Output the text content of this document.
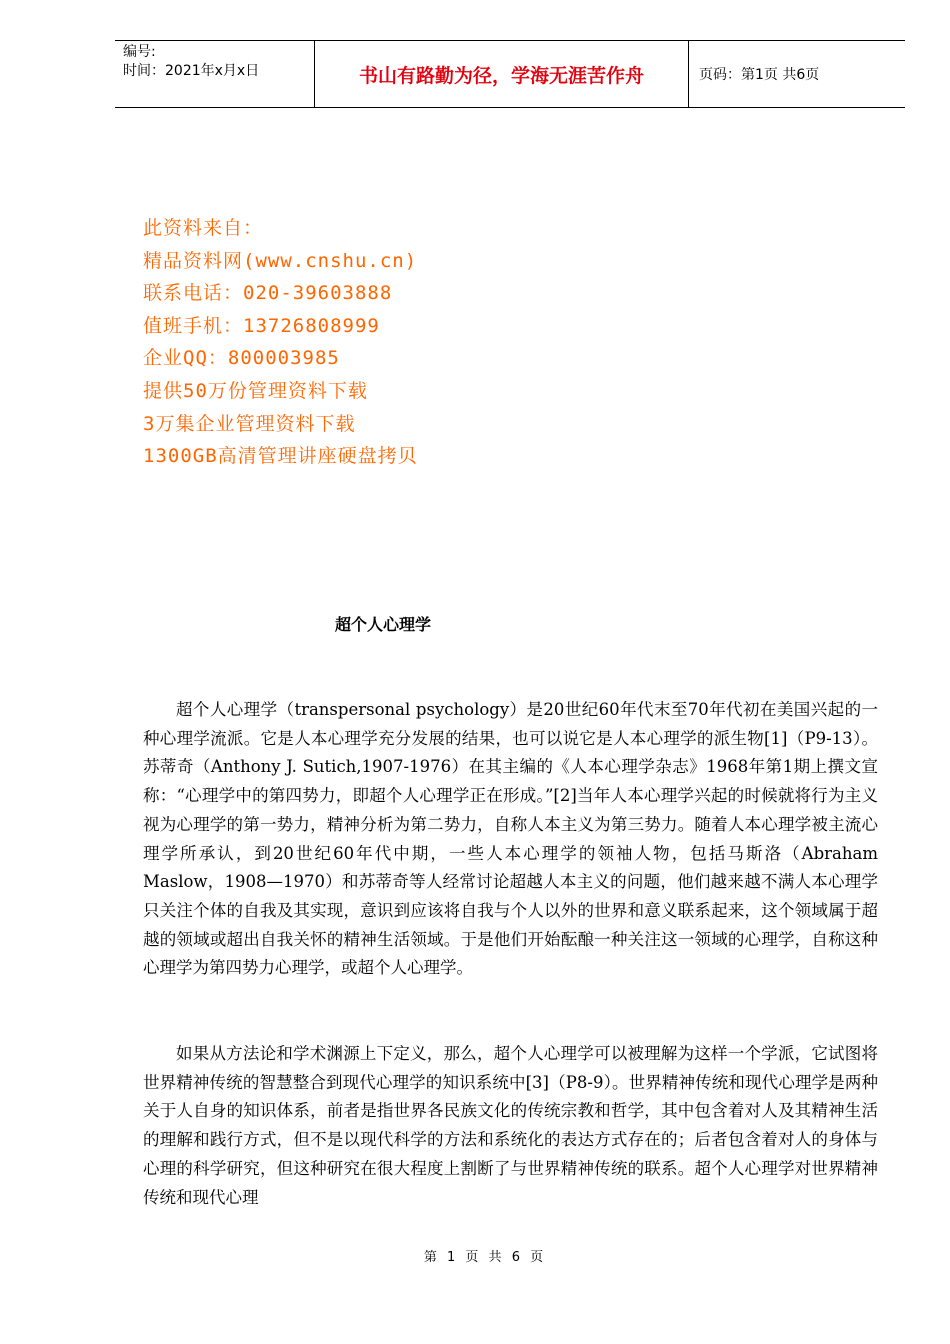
编号:
时间：2021年x月x日	书山有路勤为径，学海无涯苦作舟	页码：第1页 共6页
此资料来自：
精品资料网(www.cnshu.cn)
联系电话：020-39603888
值班手机：13726808999
企业QQ：800003985
提供50万份管理资料下载
3万集企业管理资料下载
1300GB高清管理讲座硬盘拷贝
超个人心理学

超个人心理学（transpersonal psychology）是20世纪60年代末至70年代初在美国兴起的一种心理学流派。它是人本心理学充分发展的结果，也可以说它是人本心理学的派生物[1]（P9-13）。苏蒂奇（Anthony J. Sutich,1907-1976）在其主编的《人本心理学杂志》1968年第1期上撰文宣称：“心理学中的第四势力，即超个人心理学正在形成。”[2]当年人本心理学兴起的时候就将行为主义视为心理学的第一势力，精神分析为第二势力，自称人本主义为第三势力。随着人本心理学被主流心理学所承认，到20世纪60年代中期，一些人本心理学的领袖人物，包括马斯洛（Abraham Maslow，1908—1970）和苏蒂奇等人经常讨论超越人本主义的问题，他们越来越不满人本心理学只关注个体的自我及其实现，意识到应该将自我与个人以外的世界和意义联系起来，这个领域属于超越的领域或超出自我关怀的精神生活领域。于是他们开始酝酿一种关注这一领域的心理学，自称这种心理学为第四势力心理学，或超个人心理学。

如果从方法论和学术渊源上下定义，那么，超个人心理学可以被理解为这样一个学派，它试图将世界精神传统的智慧整合到现代心理学的知识系统中[3]（P8-9）。世界精神传统和现代心理学是两种关于人自身的知识体系，前者是指世界各民族文化的传统宗教和哲学，其中包含着对人及其精神生活的理解和践行方式，但不是以现代科学的方法和系统化的表达方式存在的；后者包含着对人的身体与心理的科学研究，但这种研究在很大程度上割断了与世界精神传统的联系。超个人心理学对世界精神传统和现代心理

第 1 页 共 6 页
